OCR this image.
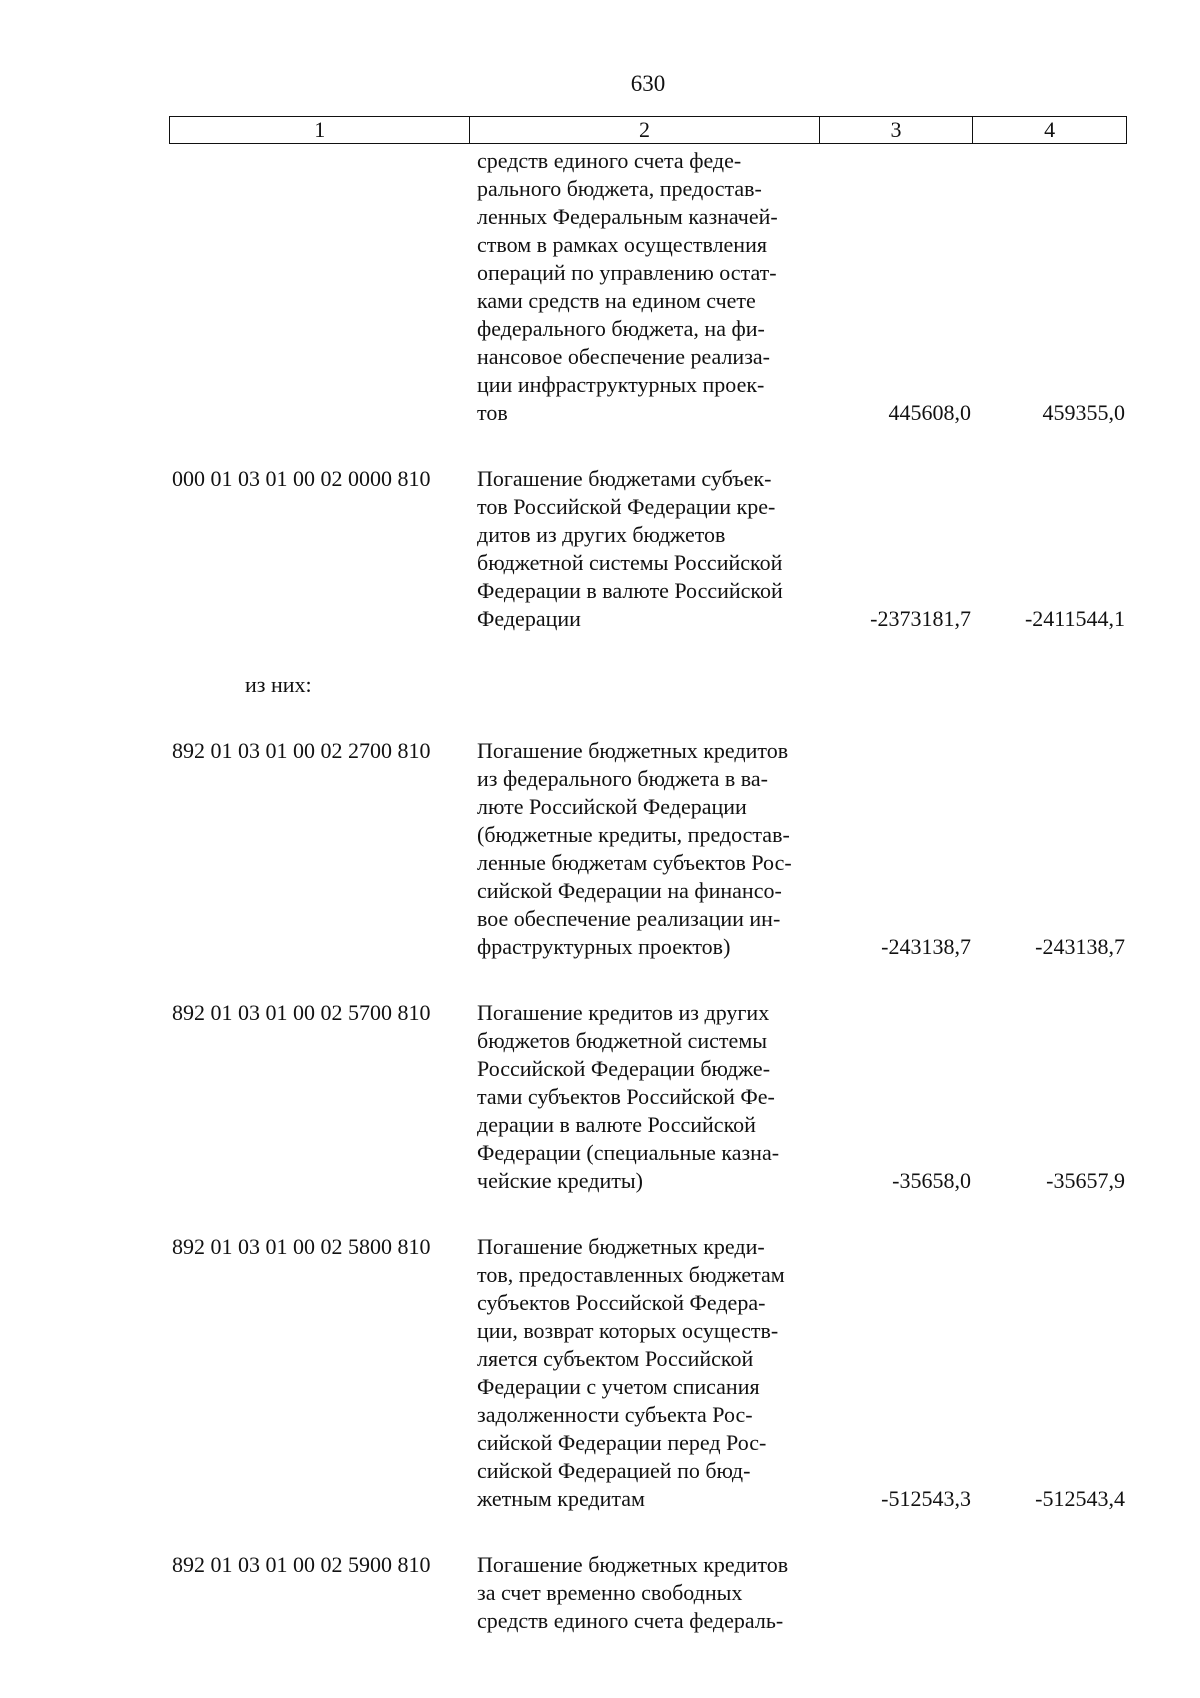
630
1	2	3	4
средств единого счета феде-
рального бюджета, предостав-
ленных Федеральным казначей-
ством в рамках осуществления
операций по управлению остат-
ками средств на едином счете
федерального бюджета, на фи-
нансовое обеспечение реализа-
ции инфраструктурных проек-
тов	445608,0	459355,0
000 01 03 01 00 02 0000 810	Погашение бюджетами субъек-
тов Российской Федерации кре-
дитов из других бюджетов
бюджетной системы Российской
Федерации в валюте Российской
Федерации	-2373181,7	-2411544,1
из них:
892 01 03 01 00 02 2700 810	Погашение бюджетных кредитов
из федерального бюджета в ва-
люте Российской Федерации
(бюджетные кредиты, предостав-
ленные бюджетам субъектов Рос-
сийской Федерации на финансо-
вое обеспечение реализации ин-
фраструктурных проектов)	-243138,7	-243138,7
892 01 03 01 00 02 5700 810	Погашение кредитов из других
бюджетов бюджетной системы
Российской Федерации бюдже-
тами субъектов Российской Фе-
дерации в валюте Российской
Федерации (специальные казна-
чейские кредиты)	-35658,0	-35657,9
892 01 03 01 00 02 5800 810	Погашение бюджетных креди-
тов, предоставленных бюджетам
субъектов Российской Федера-
ции, возврат которых осуществ-
ляется субъектом Российской
Федерации с учетом списания
задолженности субъекта Рос-
сийской Федерации перед Рос-
сийской Федерацией по бюд-
жетным кредитам	-512543,3	-512543,4
892 01 03 01 00 02 5900 810	Погашение бюджетных кредитов
за счет временно свободных
средств единого счета федераль-
